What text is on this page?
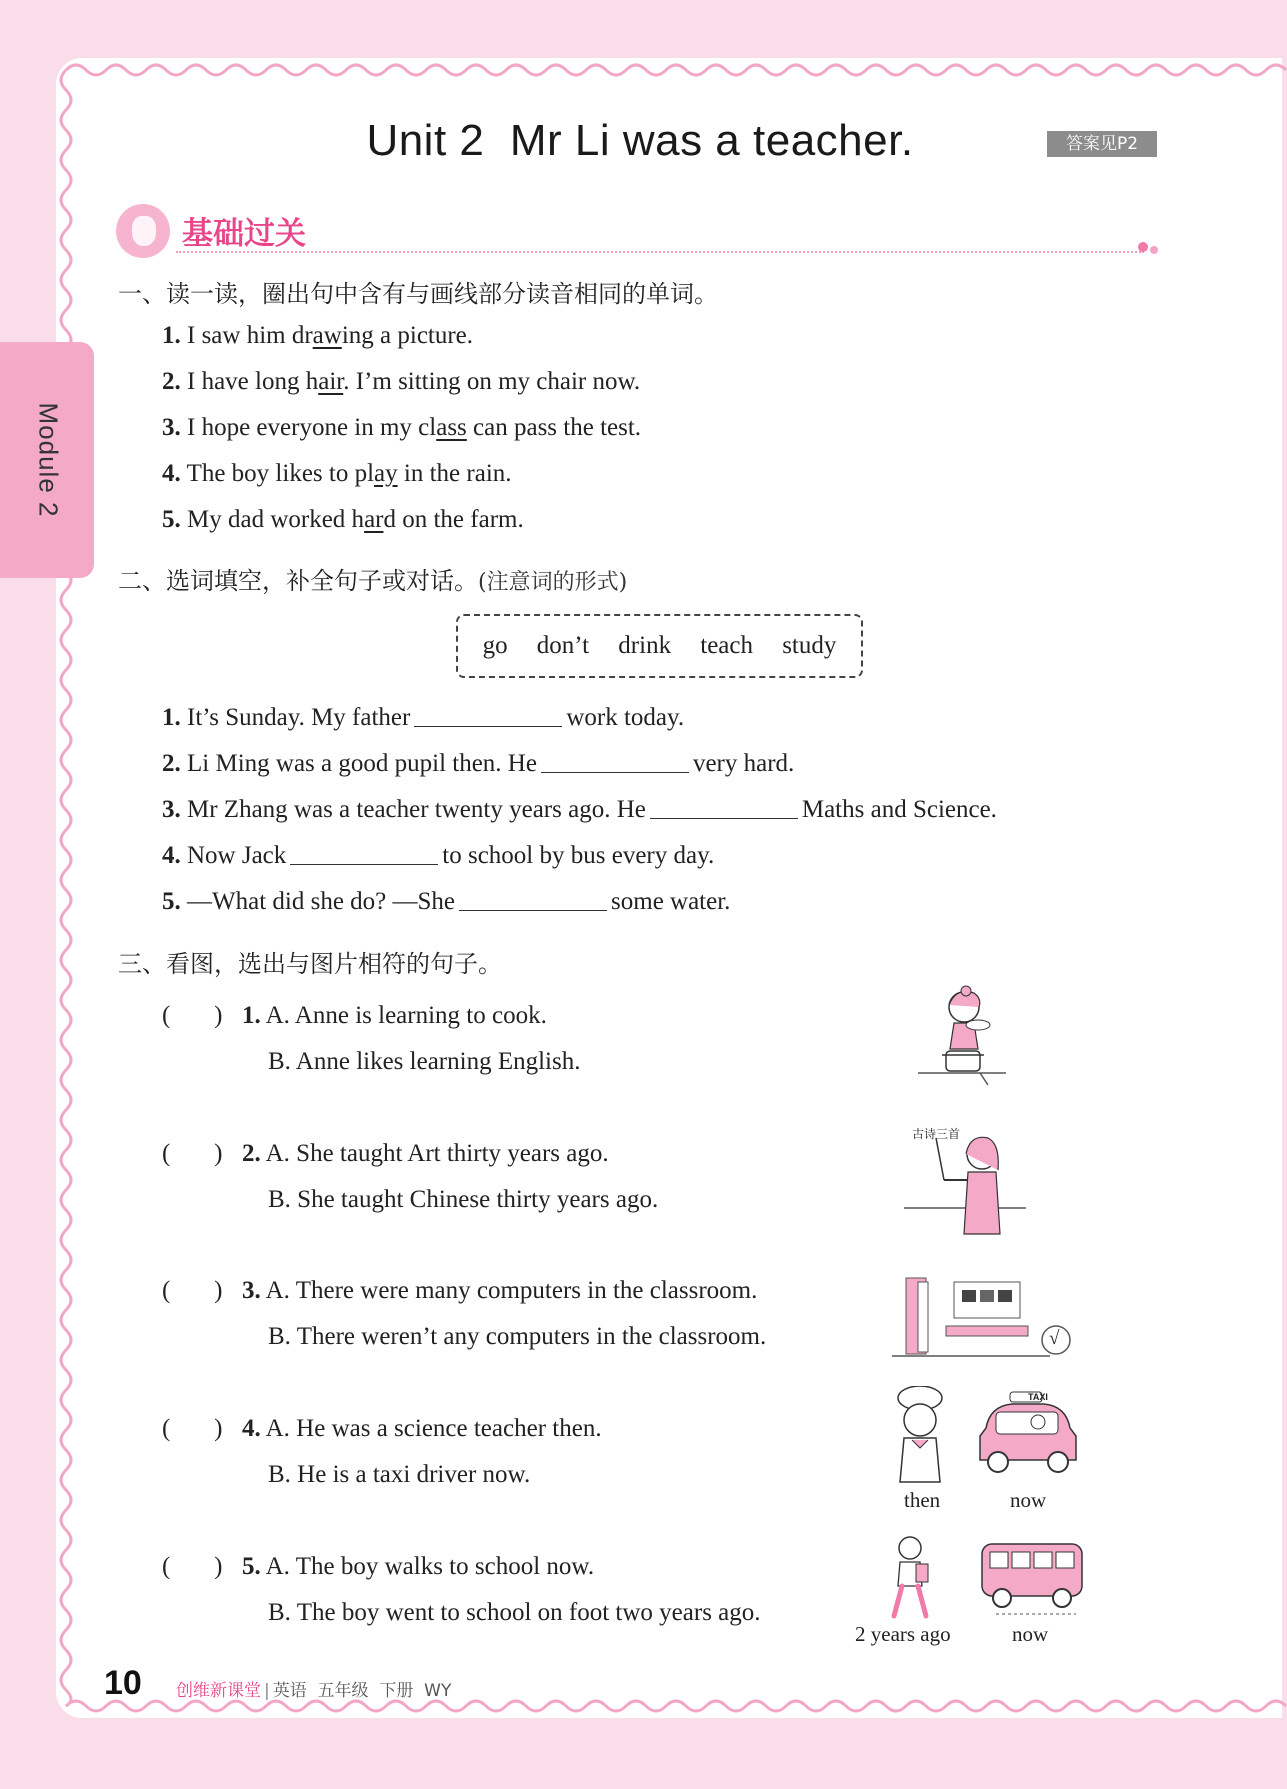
Module 2
Unit 2  Mr Li was a teacher.	答案见P2
基础过关
一、读一读，圈出句中含有与画线部分读音相同的单词。
1. I saw him drawing a picture.
2. I have long hair. I’m sitting on my chair now.
3. I hope everyone in my class can pass the test.
4. The boy likes to play in the rain.
5. My dad worked hard on the farm.
二、选词填空，补全句子或对话。(注意词的形式)
go don’t drink teach study
1. It’s Sunday. My father	work today.
2. Li Ming was a good pupil then. He	very hard.
3. Mr Zhang was a teacher twenty years ago. He	Maths and Science.
4. Now Jack	to school by bus every day.
5. —What did she do? —She	some water.
三、看图，选出与图片相符的句子。
(       ) 1. A. Anne is learning to cook.
B. Anne likes learning English.
(       ) 2. A. She taught Art thirty years ago.
B. She taught Chinese thirty years ago.
(       ) 3. A. There were many computers in the classroom.
B. There weren’t any computers in the classroom.
(       ) 4. A. He was a science teacher then.
B. He is a taxi driver now.
(       ) 5. A. The boy walks to school now.
B. The boy went to school on foot two years ago.
古诗三首
√
TAXI
then	now
2 years ago	now
10 创维新课堂 | 英语 五年级 下册 WY
